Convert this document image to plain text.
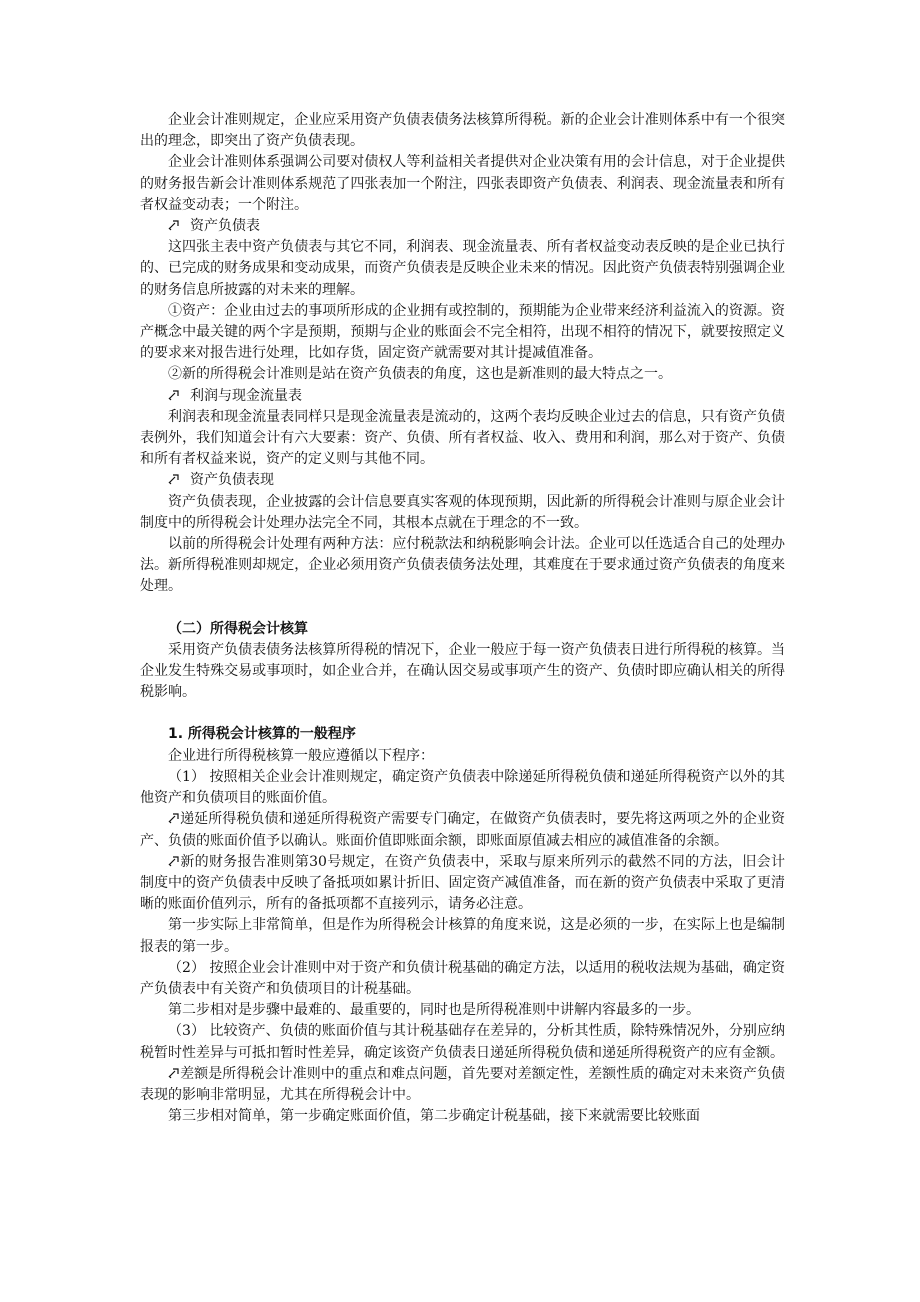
企业会计准则规定，企业应采用资产负债表债务法核算所得税。新的企业会计准则体系中有一个很突出的理念，即突出了资产负债表现。

企业会计准则体系强调公司要对债权人等利益相关者提供对企业决策有用的会计信息，对于企业提供的财务报告新会计准则体系规范了四张表加一个附注，四张表即资产负债表、利润表、现金流量表和所有者权益变动表；一个附注。

资产负债表

这四张主表中资产负债表与其它不同，利润表、现金流量表、所有者权益变动表反映的是企业已执行的、已完成的财务成果和变动成果，而资产负债表是反映企业未来的情况。因此资产负债表特别强调企业的财务信息所披露的对未来的理解。

①资产：企业由过去的事项所形成的企业拥有或控制的，预期能为企业带来经济利益流入的资源。资产概念中最关键的两个字是预期，预期与企业的账面会不完全相符，出现不相符的情况下，就要按照定义的要求来对报告进行处理，比如存货，固定资产就需要对其计提减值准备。

②新的所得税会计准则是站在资产负债表的角度，这也是新准则的最大特点之一。

利润与现金流量表

利润表和现金流量表同样只是现金流量表是流动的，这两个表均反映企业过去的信息，只有资产负债表例外，我们知道会计有六大要素：资产、负债、所有者权益、收入、费用和利润，那么对于资产、负债和所有者权益来说，资产的定义则与其他不同。

资产负债表现

资产负债表现，企业披露的会计信息要真实客观的体现预期，因此新的所得税会计准则与原企业会计制度中的所得税会计处理办法完全不同，其根本点就在于理念的不一致。

以前的所得税会计处理有两种方法：应付税款法和纳税影响会计法。企业可以任选适合自己的处理办法。新所得税准则却规定，企业必须用资产负债表债务法处理，其难度在于要求通过资产负债表的角度来处理。

（二）所得税会计核算

采用资产负债表债务法核算所得税的情况下，企业一般应于每一资产负债表日进行所得税的核算。当企业发生特殊交易或事项时，如企业合并，在确认因交易或事项产生的资产、负债时即应确认相关的所得税影响。

1. 所得税会计核算的一般程序

企业进行所得税核算一般应遵循以下程序：

（1） 按照相关企业会计准则规定，确定资产负债表中除递延所得税负债和递延所得税资产以外的其他资产和负债项目的账面价值。

递延所得税负债和递延所得税资产需要专门确定，在做资产负债表时，要先将这两项之外的企业资产、负债的账面价值予以确认。账面价值即账面余额，即账面原值减去相应的减值准备的余额。

新的财务报告准则第30号规定，在资产负债表中，采取与原来所列示的截然不同的方法，旧会计制度中的资产负债表中反映了备抵项如累计折旧、固定资产减值准备，而在新的资产负债表中采取了更清晰的账面价值列示，所有的备抵项都不直接列示，请务必注意。

第一步实际上非常简单，但是作为所得税会计核算的角度来说，这是必须的一步，在实际上也是编制报表的第一步。

（2） 按照企业会计准则中对于资产和负债计税基础的确定方法，以适用的税收法规为基础，确定资产负债表中有关资产和负债项目的计税基础。

第二步相对是步骤中最难的、最重要的，同时也是所得税准则中讲解内容最多的一步。

（3） 比较资产、负债的账面价值与其计税基础存在差异的，分析其性质，除特殊情况外，分别应纳税暂时性差异与可抵扣暂时性差异，确定该资产负债表日递延所得税负债和递延所得税资产的应有金额。

差额是所得税会计准则中的重点和难点问题，首先要对差额定性，差额性质的确定对未来资产负债表现的影响非常明显，尤其在所得税会计中。

第三步相对简单，第一步确定账面价值，第二步确定计税基础，接下来就需要比较账面
